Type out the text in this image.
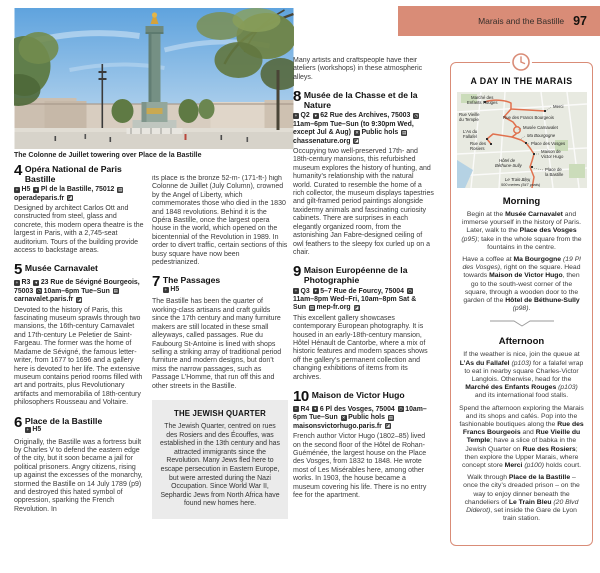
Marais and the Bastille 97
The Colonne de Juillet towering over Place de la Bastille
4 Opéra National de Paris Bastille
+H5 ▾ Pl de la Bastille, 75012▤operadeparis.fr◪

Designed by architect Carlos Ott and constructed from steel, glass and concrete, this modern opera theatre is the largest in Paris, with a 2,745-seat auditorium. Tours of the building provide access to backstage areas.

5 Musée Carnavalet
+R3 ▾ 23 Rue de Sévigné Bourgeois, 75003 ◷ 10am–6pm Tue–Sun▤carnavalet.paris.fr◪

Devoted to the history of Paris, this fascinating museum sprawls through two mansions, the 16th-century Carnavalet and 17th-century Le Peletier de Saint-Fargeau. The former was the home of Madame de Sévigné, the famous letter-writer, from 1677 to 1696 and a gallery here is devoted to her life. The extensive museum contains period rooms filled with art and portraits, plus Revolutionary artifacts and memorabilia of 18th-century philosophers Rousseau and Voltaire.

6 Place de la Bastille
+H5

Originally, the Bastille was a fortress built by Charles V to defend the eastern edge of the city, but it soon became a jail for political prisoners. Angry citizens, rising up against the excesses of the monarchy, stormed the Bastille on 14 July 1789 (p9) and destroyed this hated symbol of oppression, sparking the French Revolution. In

its place is the bronze 52-m- (171-ft-) high Colonne de Juillet (July Column), crowned by the Angel of Liberty, which commemorates those who died in the 1830 and 1848 revolutions. Behind it is the Opéra Bastille, once the largest opera house in the world, which opened on the bicentennial of the Revolution in 1989. In order to divert traffic, certain sections of this busy square have now been pedestrianized.

7 The Passages
+H5

The Bastille has been the quarter of working-class artisans and craft guilds since the 17th century and many furniture makers are still located in these small alleyways, called passages. Rue du Faubourg St-Antoine is lined with shops selling a striking array of traditional period furniture and modern designs, but don’t miss the narrow passages, such as Passage L’Homme, that run off this and other streets in the Bastille.

THE JEWISH QUARTER
The Jewish Quarter, centred on rues des Rosiers and des Écouffes, was established in the 13th century and has attracted immigrants since the Revolution. Many Jews fled here to escape persecution in Eastern Europe, but were arrested during the Nazi Occupation. Since World War II, Sephardic Jews from North Africa have found new homes here.

Many artists and craftspeople have their ateliers (workshops) in these atmospheric alleys.

8 Musée de la Chasse et de la Nature
+Q2 ▾ 62 Rue des Archives, 75003◷11am–6pm Tue–Sun (to 9:30pm Wed, except Jul & Aug) ✕ Public hols▤chassenature.org◪

Occupying two well-preserved 17th- and 18th-century mansions, this refurbished museum explores the history of hunting, and humanity’s relationship with the natural world. Curated to resemble the home of a rich collector, the museum displays tapestries and gilt-framed period paintings alongside taxidermy animals and fascinating curiosity cabinets. There are surprises in each elegantly organized room, from the astonishing Jan Fabre-designed ceiling of owl feathers to the sleepy fox curled up on a chair.

9 Maison Européenne de la Photographie
+Q3 ▾ 5–7 Rue de Fourcy, 75004◷11am–8pm Wed–Fri, 10am–8pm Sat & Sun ▤ mep-fr.org◪

This excellent gallery showcases contemporary European photography. It is housed in an early-18th-century mansion, Hôtel Hénault de Cantorbe, where a mix of historic features and modern spaces shows off the gallery’s permanent collection and changing exhibitions of items from its archives.

10 Maison de Victor Hugo
+R4 ▾ 6 Pl des Vosges, 75004◷ 10am–6pm Tue–Sun ✕ Public hols▤maisonsvictorhugo.paris.fr◪

French author Victor Hugo (1802–85) lived on the second floor of the Hôtel de Rohan-Guéménée, the largest house on the Place des Vosges, from 1832 to 1848. He wrote most of Les Misérables here, among other works. In 1903, the house became a museum covering his life. There is no entry fee for the apartment.

A DAY IN THE MARAIS
Marché des
Enfants Rouges
Merci
Rue Vieille
du Temple	Rue des Francs Bourgeois
Musée Carnavalet
L’As du
Fallafel	Ma Bourgogne
Rue des
Rosiers
Place des Vosges
Maison de
Victor Hugo
Hôtel de
Béthune-Sully
Place de
la Bastille
Le Train Bleu
500 metres (547 yards)
Morning

Begin at the Musée Carnavalet and immerse yourself in the history of Paris. Later, walk to the Place des Vosges (p95); take in the whole square from the fountains in the centre.

Have a coffee at Ma Bourgogne (19 Pl des Vosges), right on the square. Head towards Maison de Victor Hugo, then go to the south-west corner of the square, through a wooden door to the garden of the Hôtel de Béthune-Sully (p98).

Afternoon

If the weather is nice, join the queue at L’As du Fallafel (p103) for a falafel wrap to eat in nearby square Charles-Victor Langlois. Otherwise, head for the Marché des Enfants Rouges (p103) and its international food stalls.

Spend the afternoon exploring the Marais and its shops and cafés. Pop into the fashionable boutiques along the Rue des Francs Bourgeois and Rue Vieille du Temple; have a slice of babka in the Jewish Quarter on Rue des Rosiers; then explore the Upper Marais, where concept store Merci (p100) holds court.

Walk through Place de la Bastille – once the city’s dreaded prison – on the way to enjoy dinner beneath the chandeliers of Le Train Bleu (20 Blvd Diderot), set inside the Gare de Lyon train station.
